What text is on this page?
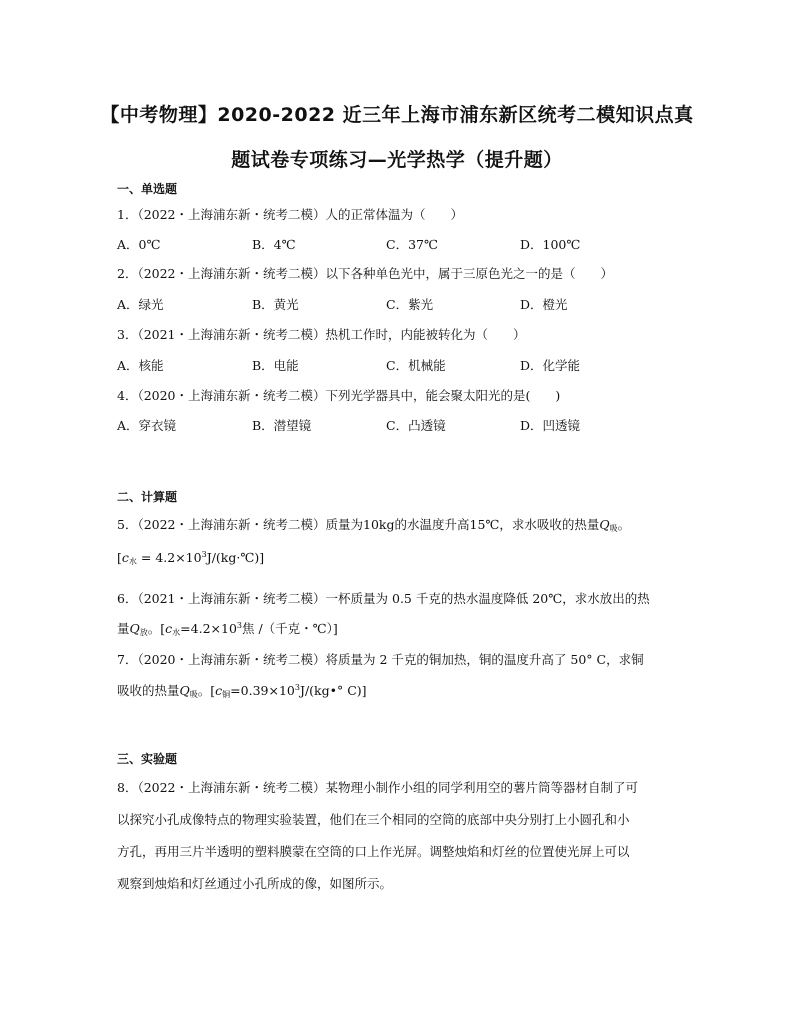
【中考物理】2020-2022 近三年上海市浦东新区统考二模知识点真
题试卷专项练习—光学热学（提升题）
一、单选题
1．（2022・上海浦东新・统考二模）人的正常体温为（　　）
A．0℃	B．4℃	C．37℃	D．100℃
2．（2022・上海浦东新・统考二模）以下各种单色光中，属于三原色光之一的是（　　）
A．绿光	B．黄光	C．紫光	D．橙光
3．（2021・上海浦东新・统考二模）热机工作时，内能被转化为（　　）
A．核能	B．电能	C．机械能	D．化学能
4．（2020・上海浦东新・统考二模）下列光学器具中，能会聚太阳光的是(　　)
A．穿衣镜	B．潜望镜	C．凸透镜	D．凹透镜
二、计算题
5．（2022・上海浦东新・统考二模）质量为10kg的水温度升高15℃，求水吸收的热量$Q_吸$。
[$c_水$ = $4.2\times 10^3J/(kg\cdot℃)$]
6．（2021・上海浦东新・统考二模）一杯质量为 0.5 千克的热水温度降低 20℃，求水放出的热
量$Q_放$。[$c_水=4.2\times 10^3$焦 /（千克・℃）]
7．（2020・上海浦东新・统考二模）将质量为 2 千克的铜加热，铜的温度升高了 50° C，求铜
吸收的热量$Q_吸$。[$c_铜=0.39\times 10^3J/(kg•^\circ$ C)]
三、实验题
8．（2022・上海浦东新・统考二模）某物理小制作小组的同学利用空的薯片筒等器材自制了可
以探究小孔成像特点的物理实验装置，他们在三个相同的空筒的底部中央分别打上小圆孔和小
方孔，再用三片半透明的塑料膜蒙在空筒的口上作光屏。调整烛焰和灯丝的位置使光屏上可以
观察到烛焰和灯丝通过小孔所成的像，如图所示。
